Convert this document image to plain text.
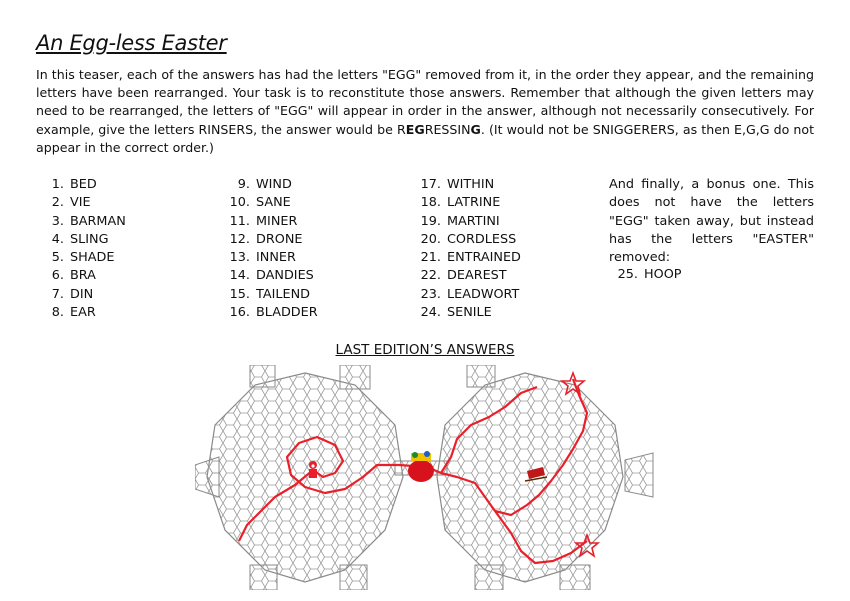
An Egg-less Easter

In this teaser, each of the answers has had the letters "EGG" removed from it, in the order they appear, and the remaining letters have been rearranged. Your task is to reconstitute those answers. Remember that although the given letters may need to be rearranged, the letters of "EGG" will appear in order in the answer, although not necessarily consecutively. For example, give the letters RINSERS, the answer would be REGRESSING. (It would not be SNIGGERERS, as then E,G,G do not appear in the correct order.)

1. BED
2. VIE
3. BARMAN
4. SLING
5. SHADE
6. BRA
7. DIN
8. EAR
9. WIND
10. SANE
11. MINER
12. DRONE
13. INNER
14. DANDIES
15. TAILEND
16. BLADDER
17. WITHIN
18. LATRINE
19. MARTINI
20. CORDLESS
21. ENTRAINED
22. DEAREST
23. LEADWORT
24. SENILE

And finally, a bonus one. This does not have the letters "EGG" taken away, but instead has the letters "EASTER" removed:

25. HOOP
LAST EDITION’S ANSWERS
